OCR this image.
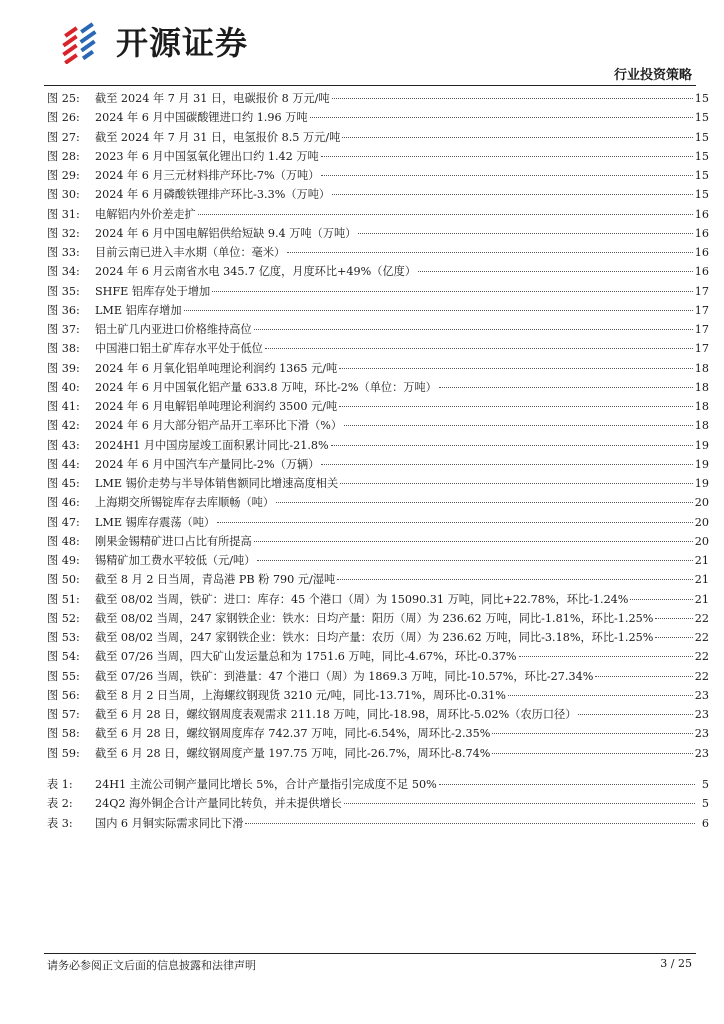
开源证券
行业投资策略
图 25:	截至 2024 年 7 月 31 日，电碳报价 8 万元/吨	15
图 26:	2024 年 6 月中国碳酸锂进口约 1.96 万吨	15
图 27:	截至 2024 年 7 月 31 日，电氢报价 8.5 万元/吨	15
图 28:	2023 年 6 月中国氢氧化锂出口约 1.42 万吨	15
图 29:	2024 年 6 月三元材料排产环比-7%（万吨）	15
图 30:	2024 年 6 月磷酸铁锂排产环比-3.3%（万吨）	15
图 31:	电解铝内外价差走扩	16
图 32:	2024 年 6 月中国电解铝供给短缺 9.4 万吨（万吨）	16
图 33:	目前云南已进入丰水期（单位：毫米）	16
图 34:	2024 年 6 月云南省水电 345.7 亿度，月度环比+49%（亿度）	16
图 35:	SHFE 铝库存处于增加	17
图 36:	LME 铝库存增加	17
图 37:	铝土矿几内亚进口价格维持高位	17
图 38:	中国港口铝土矿库存水平处于低位	17
图 39:	2024 年 6 月氧化铝单吨理论利润约 1365 元/吨	18
图 40:	2024 年 6 月中国氧化铝产量 633.8 万吨，环比-2%（单位：万吨）	18
图 41:	2024 年 6 月电解铝单吨理论利润约 3500 元/吨	18
图 42:	2024 年 6 月大部分铝产品开工率环比下滑（%）	18
图 43:	2024H1 月中国房屋竣工面积累计同比-21.8%	19
图 44:	2024 年 6 月中国汽车产量同比-2%（万辆）	19
图 45:	LME 锡价走势与半导体销售额同比增速高度相关	19
图 46:	上海期交所锡锭库存去库顺畅（吨）	20
图 47:	LME 锡库存震荡（吨）	20
图 48:	刚果金锡精矿进口占比有所提高	20
图 49:	锡精矿加工费水平较低（元/吨）	21
图 50:	截至 8 月 2 日当周，青岛港 PB 粉 790 元/湿吨	21
图 51:	截至 08/02 当周，铁矿：进口：库存：45 个港口（周）为 15090.31 万吨，同比+22.78%，环比-1.24%	21
图 52:	截至 08/02 当周，247 家钢铁企业：铁水：日均产量：阳历（周）为 236.62 万吨，同比-1.81%，环比-1.25%	22
图 53:	截至 08/02 当周，247 家钢铁企业：铁水：日均产量：农历（周）为 236.62 万吨，同比-3.18%，环比-1.25%	22
图 54:	截至 07/26 当周，四大矿山发运量总和为 1751.6 万吨，同比-4.67%，环比-0.37%	22
图 55:	截至 07/26 当周，铁矿：到港量：47 个港口（周）为 1869.3 万吨，同比-10.57%，环比-27.34%	22
图 56:	截至 8 月 2 日当周，上海螺纹钢现货 3210 元/吨，同比-13.71%，周环比-0.31%	23
图 57:	截至 6 月 28 日，螺纹钢周度表观需求 211.18 万吨，同比-18.98，周环比-5.02%（农历口径）	23
图 58:	截至 6 月 28 日，螺纹钢周度库存 742.37 万吨，同比-6.54%，周环比-2.35%	23
图 59:	截至 6 月 28 日，螺纹钢周度产量 197.75 万吨，同比-26.7%，周环比-8.74%	23
表 1:	24H1 主流公司铜产量同比增长 5%，合计产量指引完成度不足 50%	5
表 2:	24Q2 海外铜企合计产量同比转负，并未提供增长	5
表 3:	国内 6 月铜实际需求同比下滑	6
请务必参阅正文后面的信息披露和法律声明	3 / 25
